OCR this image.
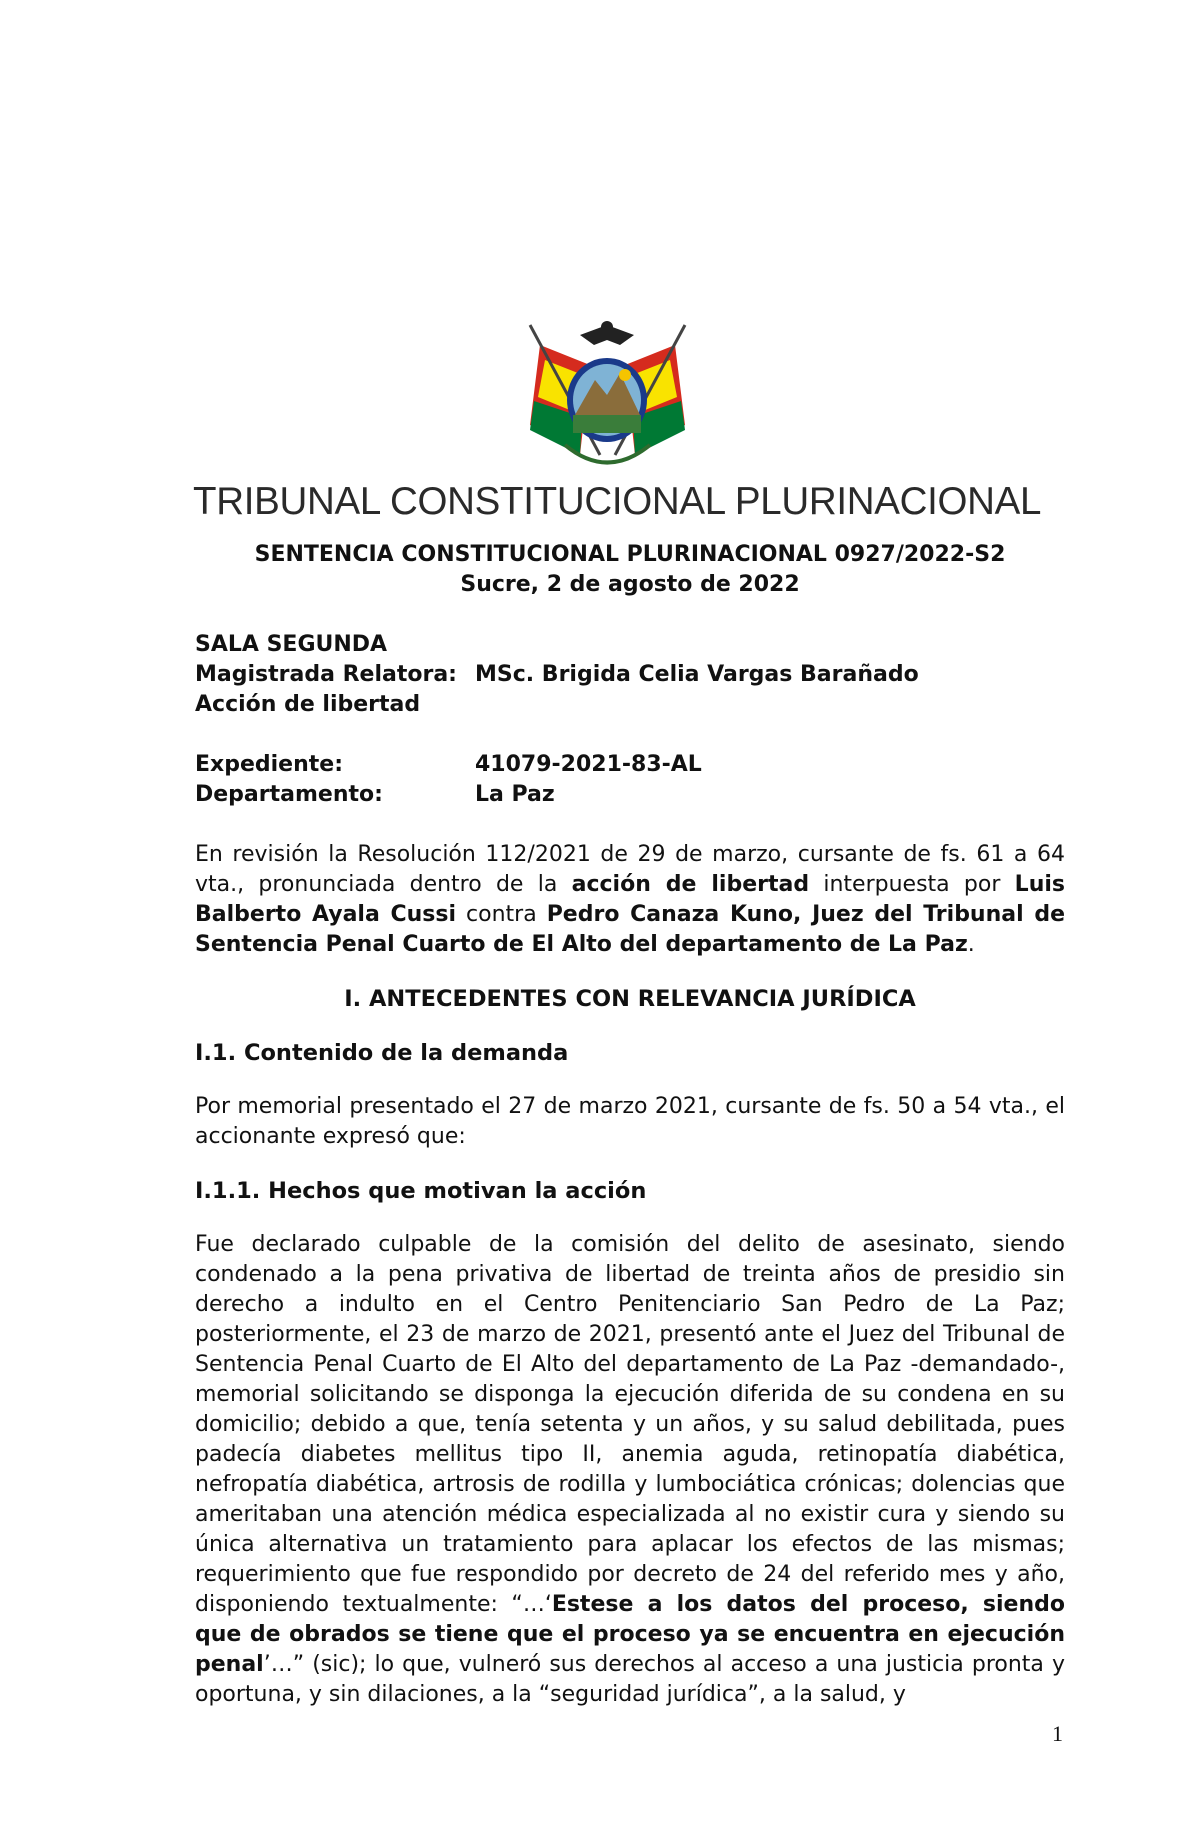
TRIBUNAL CONSTITUCIONAL PLURINACIONAL
SENTENCIA CONSTITUCIONAL PLURINACIONAL 0927/2022-S2
Sucre, 2 de agosto de 2022
SALA SEGUNDA
Magistrada Relatora: MSc. Brigida Celia Vargas Barañado
Acción de libertad
Expediente:	41079-2021-83-AL
Departamento:	La Paz

En revisión la Resolución 112/2021 de 29 de marzo, cursante de fs. 61 a 64 vta., pronunciada dentro de la acción de libertad interpuesta por Luis Balberto Ayala Cussi contra Pedro Canaza Kuno, Juez del Tribunal de Sentencia Penal Cuarto de El Alto del departamento de La Paz.

I. ANTECEDENTES CON RELEVANCIA JURÍDICA
I.1. Contenido de la demanda

Por memorial presentado el 27 de marzo 2021, cursante de fs. 50 a 54 vta., el accionante expresó que:

I.1.1. Hechos que motivan la acción

Fue declarado culpable de la comisión del delito de asesinato, siendo condenado a la pena privativa de libertad de treinta años de presidio sin derecho a indulto en el Centro Penitenciario San Pedro de La Paz; posteriormente, el 23 de marzo de 2021, presentó ante el Juez del Tribunal de Sentencia Penal Cuarto de El Alto del departamento de La Paz -demandado-, memorial solicitando se disponga la ejecución diferida de su condena en su domicilio; debido a que, tenía setenta y un años, y su salud debilitada, pues padecía diabetes mellitus tipo II, anemia aguda, retinopatía diabética, nefropatía diabética, artrosis de rodilla y lumbociática crónicas; dolencias que ameritaban una atención médica especializada al no existir cura y siendo su única alternativa un tratamiento para aplacar los efectos de las mismas; requerimiento que fue respondido por decreto de 24 del referido mes y año, disponiendo textualmente: “…‘Estese a los datos del proceso, siendo que de obrados se tiene que el proceso ya se encuentra en ejecución penal’…” (sic); lo que, vulneró sus derechos al acceso a una justicia pronta y oportuna, y sin dilaciones, a la “seguridad jurídica”, a la salud, y

1
